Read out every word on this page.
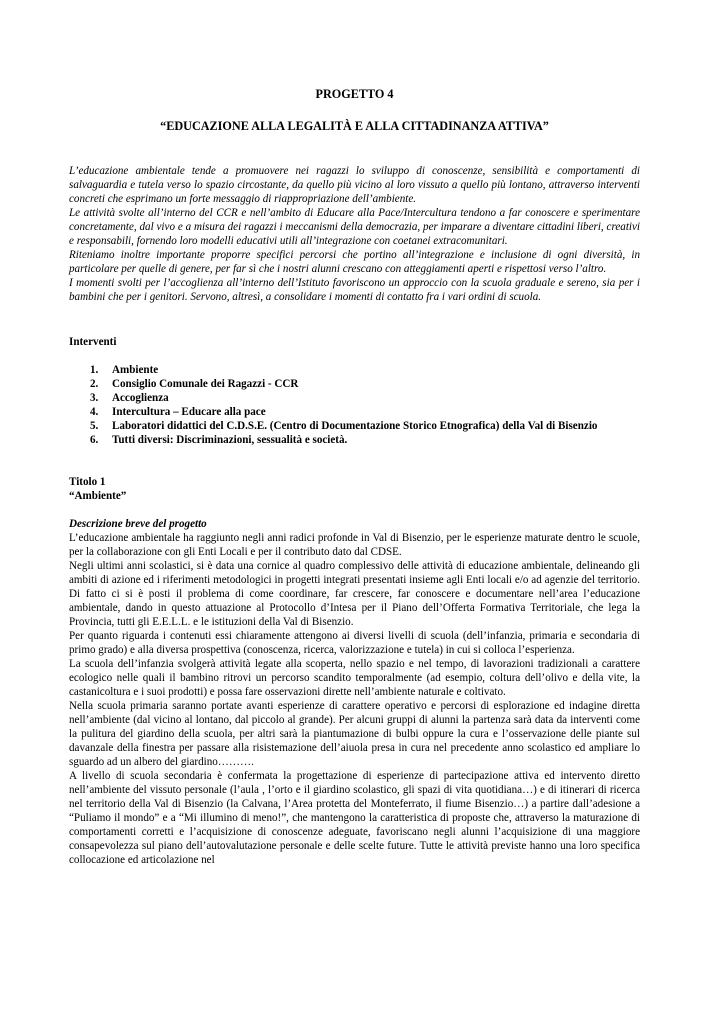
PROGETTO 4
“EDUCAZIONE ALLA LEGALITÀ E ALLA CITTADINANZA ATTIVA”

L’educazione ambientale tende a promuovere nei ragazzi lo sviluppo di conoscenze, sensibilità e comportamenti di salvaguardia e tutela verso lo spazio circostante, da quello più vicino al loro vissuto a quello più lontano, attraverso interventi concreti che esprimano un forte messaggio di riappropriazione dell’ambiente.

Le attività svolte all’interno del CCR e nell’ambito di Educare alla Pace/Intercultura tendono a far conoscere e sperimentare concretamente, dal vivo e a misura dei ragazzi i meccanismi della democrazia, per imparare a diventare cittadini liberi, creativi e responsabili, fornendo loro modelli educativi utili all’integrazione con coetanei extracomunitari.

Riteniamo inoltre importante proporre specifici percorsi che portino all’integrazione e inclusione di ogni diversità, in particolare per quelle di genere, per far sì che i nostri alunni crescano con atteggiamenti aperti e rispettosi verso l’altro.

I momenti svolti per l’accoglienza all’interno dell’Istituto favoriscono un approccio con la scuola graduale e sereno, sia per i bambini che per i genitori. Servono, altresì, a consolidare i momenti di contatto fra i vari ordini di scuola.

Interventi
1. Ambiente
2. Consiglio Comunale dei Ragazzi - CCR
3. Accoglienza
4. Intercultura – Educare alla pace
5. Laboratori didattici del C.D.S.E. (Centro di Documentazione Storico Etnografica) della Val di Bisenzio
6. Tutti diversi: Discriminazioni, sessualità e società.
Titolo 1
“Ambiente”
Descrizione breve del progetto

L’educazione ambientale ha raggiunto negli anni radici profonde in Val di Bisenzio, per le esperienze maturate dentro le scuole, per la collaborazione con gli Enti Locali e per il contributo dato dal CDSE.

Negli ultimi anni scolastici, si è data una cornice al quadro complessivo delle attività di educazione ambientale, delineando gli ambiti di azione ed i riferimenti metodologici in progetti integrati presentati insieme agli Enti locali e/o ad agenzie del territorio. Di fatto ci si è posti il problema di come coordinare, far crescere, far conoscere e documentare nell’area l’educazione ambientale, dando in questo attuazione al Protocollo d’Intesa per il Piano dell’Offerta Formativa Territoriale, che lega la Provincia, tutti gli E.E.L.L. e le istituzioni della Val di Bisenzio.

Per quanto riguarda i contenuti essi chiaramente attengono ai diversi livelli di scuola (dell’infanzia, primaria e secondaria di primo grado) e alla diversa prospettiva (conoscenza, ricerca, valorizzazione e tutela) in cui si colloca l’esperienza.

La scuola dell’infanzia svolgerà attività legate alla scoperta, nello spazio e nel tempo, di lavorazioni tradizionali a carattere ecologico nelle quali il bambino ritrovi un percorso scandito temporalmente (ad esempio, coltura dell’olivo e della vite, la castanicoltura e i suoi prodotti) e possa fare osservazioni dirette nell’ambiente naturale e coltivato.

Nella scuola primaria saranno portate avanti esperienze di carattere operativo e percorsi di esplorazione ed indagine diretta nell’ambiente (dal vicino al lontano, dal piccolo al grande). Per alcuni gruppi di alunni la partenza sarà data da interventi come la pulitura del giardino della scuola, per altri sarà la piantumazione di bulbi oppure la cura e l’osservazione delle piante sul davanzale della finestra per passare alla risistemazione dell’aiuola presa in cura nel precedente anno scolastico ed ampliare lo sguardo ad un albero del giardino……….

A livello di scuola secondaria è confermata la progettazione di esperienze di partecipazione attiva ed intervento diretto nell’ambiente del vissuto personale (l’aula , l’orto e il giardino scolastico, gli spazi di vita quotidiana…) e di itinerari di ricerca nel territorio della Val di Bisenzio (la Calvana, l’Area protetta del Monteferrato, il fiume Bisenzio…) a partire dall’adesione a “Puliamo il mondo” e a “Mi illumino di meno!”, che mantengono la caratteristica di proposte che, attraverso la maturazione di comportamenti corretti e l’acquisizione di conoscenze adeguate, favoriscano negli alunni l’acquisizione di una maggiore consapevolezza sul piano dell’autovalutazione personale e delle scelte future. Tutte le attività previste hanno una loro specifica collocazione ed articolazione nel
